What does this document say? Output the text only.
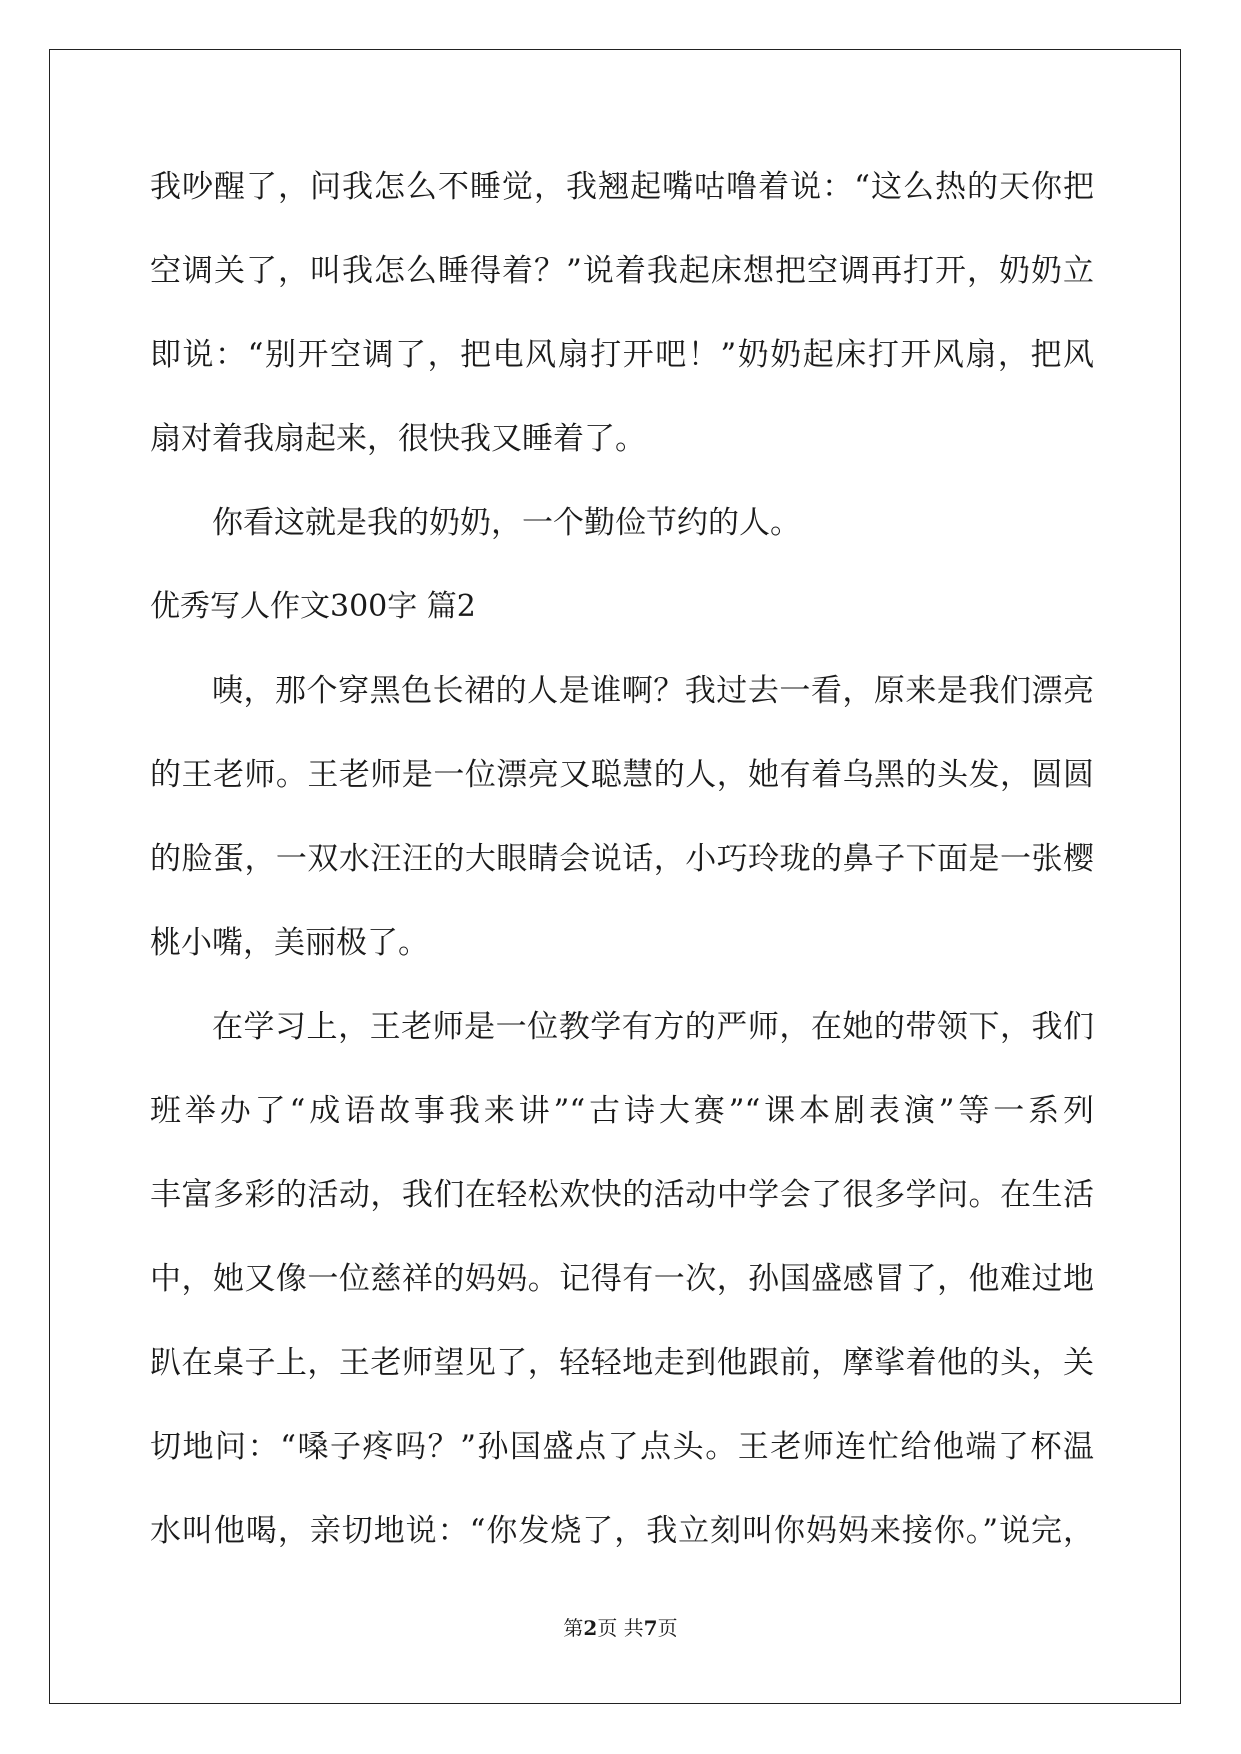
我吵醒了，问我怎么不睡觉，我翘起嘴咕噜着说：“这么热的天你把
空调关了，叫我怎么睡得着？”说着我起床想把空调再打开，奶奶立
即说：“别开空调了，把电风扇打开吧！”奶奶起床打开风扇，把风
扇对着我扇起来，很快我又睡着了。
你看这就是我的奶奶，一个勤俭节约的人。
优秀写人作文300字 篇2
咦，那个穿黑色长裙的人是谁啊？我过去一看，原来是我们漂亮
的王老师。王老师是一位漂亮又聪慧的人，她有着乌黑的头发，圆圆
的脸蛋，一双水汪汪的大眼睛会说话，小巧玲珑的鼻子下面是一张樱
桃小嘴，美丽极了。
在学习上，王老师是一位教学有方的严师，在她的带领下，我们
班举办了“成语故事我来讲”“古诗大赛”“课本剧表演”等一系列
丰富多彩的活动，我们在轻松欢快的活动中学会了很多学问。在生活
中，她又像一位慈祥的妈妈。记得有一次，孙国盛感冒了，他难过地
趴在桌子上，王老师望见了，轻轻地走到他跟前，摩挲着他的头，关
切地问：“嗓子疼吗？”孙国盛点了点头。王老师连忙给他端了杯温
水叫他喝，亲切地说：“你发烧了，我立刻叫你妈妈来接你。”说完，
第2页 共7页
